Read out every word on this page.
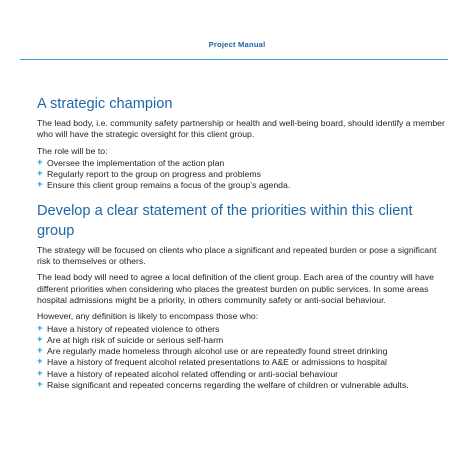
Project Manual
A strategic champion

The lead body, i.e. community safety partnership or health and well-being board, should identify a member who will have the strategic oversight for this client group.

The role will be to:

+ Oversee the implementation of the action plan
+ Regularly report to the group on progress and problems
+ Ensure this client group remains a focus of the group’s agenda.
Develop a clear statement of the priorities within this client group

The strategy will be focused on clients who place a significant and repeated burden or pose a significant risk to themselves or others.

The lead body will need to agree a local definition of the client group. Each area of the country will have different priorities when considering who places the greatest burden on public services. In some areas hospital admissions might be a priority, in others community safety or anti-social behaviour.

However, any definition is likely to encompass those who:

+ Have a history of repeated violence to others
+ Are at high risk of suicide or serious self-harm
+ Are regularly made homeless through alcohol use or are repeatedly found street drinking
+ Have a history of frequent alcohol related presentations to A&E or admissions to hospital
+ Have a history of repeated alcohol related offending or anti-social behaviour
+ Raise significant and repeated concerns regarding the welfare of children or vulnerable adults.
